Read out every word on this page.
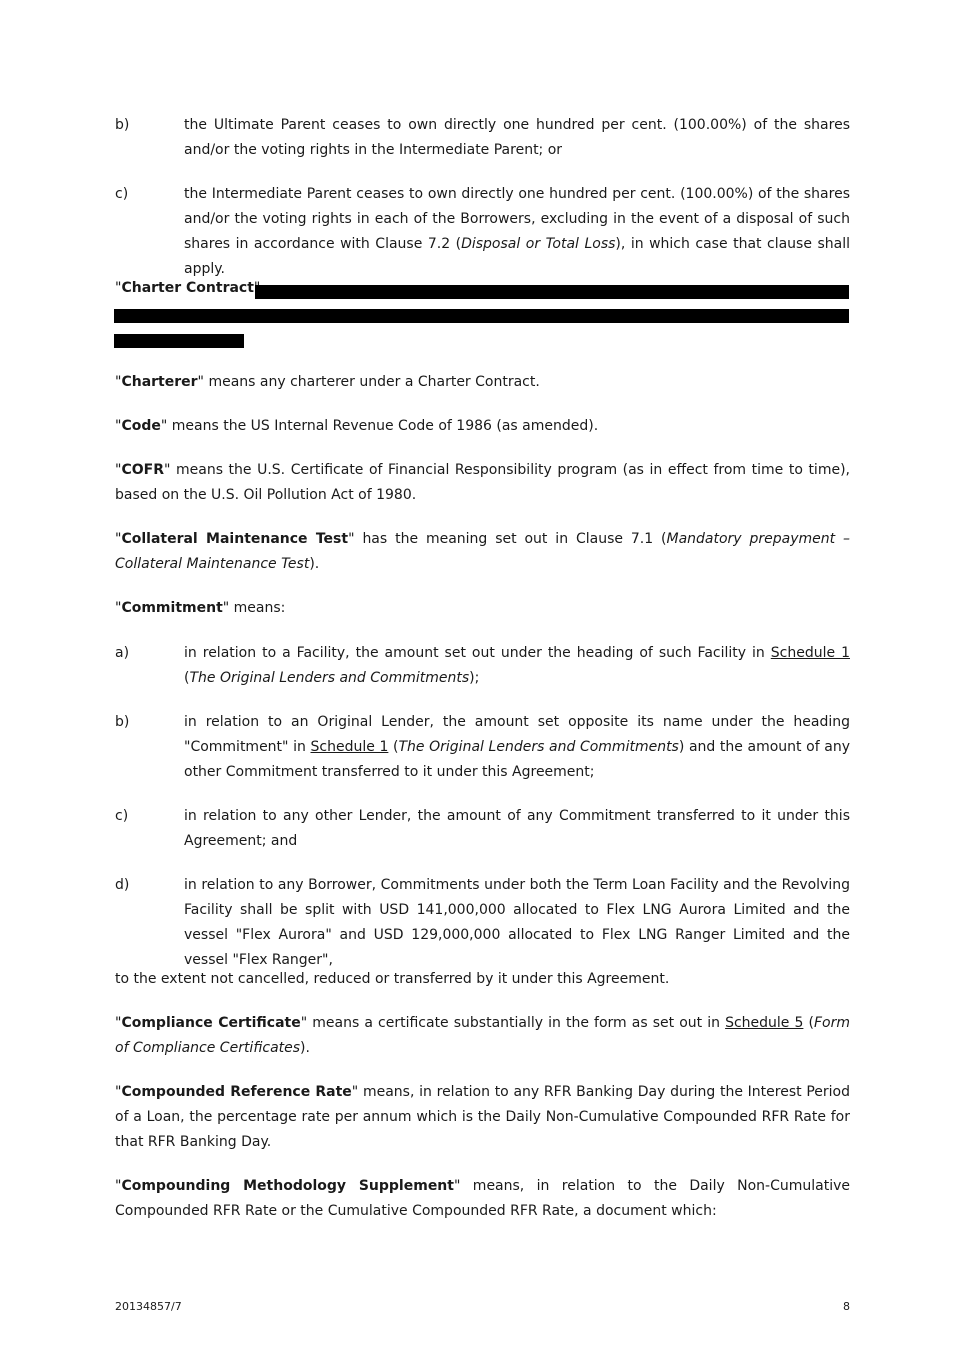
b)	the Ultimate Parent ceases to own directly one hundred per cent. (100.00%) of the shares and/or the voting rights in the Intermediate Parent; or
c)	the Intermediate Parent ceases to own directly one hundred per cent. (100.00%) of the shares and/or the voting rights in each of the Borrowers, excluding in the event of a disposal of such shares in accordance with Clause 7.2 (Disposal or Total Loss), in which case that clause shall apply.
"Charter Contract
"Charterer" means any charterer under a Charter Contract.
"Code" means the US Internal Revenue Code of 1986 (as amended).
"COFR" means the U.S. Certificate of Financial Responsibility program (as in effect from time to time), based on the U.S. Oil Pollution Act of 1980.
"Collateral Maintenance Test" has the meaning set out in Clause 7.1 (Mandatory prepayment – Collateral Maintenance Test).
"Commitment" means:
a)	in relation to a Facility, the amount set out under the heading of such Facility in Schedule 1 (The Original Lenders and Commitments);
b)	in relation to an Original Lender, the amount set opposite its name under the heading "Commitment" in Schedule 1 (The Original Lenders and Commitments) and the amount of any other Commitment transferred to it under this Agreement;
c)	in relation to any other Lender, the amount of any Commitment transferred to it under this Agreement; and
d)	in relation to any Borrower, Commitments under both the Term Loan Facility and the Revolving Facility shall be split with USD 141,000,000 allocated to Flex LNG Aurora Limited and the vessel "Flex Aurora" and USD 129,000,000 allocated to Flex LNG Ranger Limited and the vessel "Flex Ranger",
to the extent not cancelled, reduced or transferred by it under this Agreement.
"Compliance Certificate" means a certificate substantially in the form as set out in Schedule 5 (Form of Compliance Certificates).
"Compounded Reference Rate" means, in relation to any RFR Banking Day during the Interest Period of a Loan, the percentage rate per annum which is the Daily Non-Cumulative Compounded RFR Rate for that RFR Banking Day.
"Compounding Methodology Supplement" means, in relation to the Daily Non-Cumulative Compounded RFR Rate or the Cumulative Compounded RFR Rate, a document which:
20134857/7	8
